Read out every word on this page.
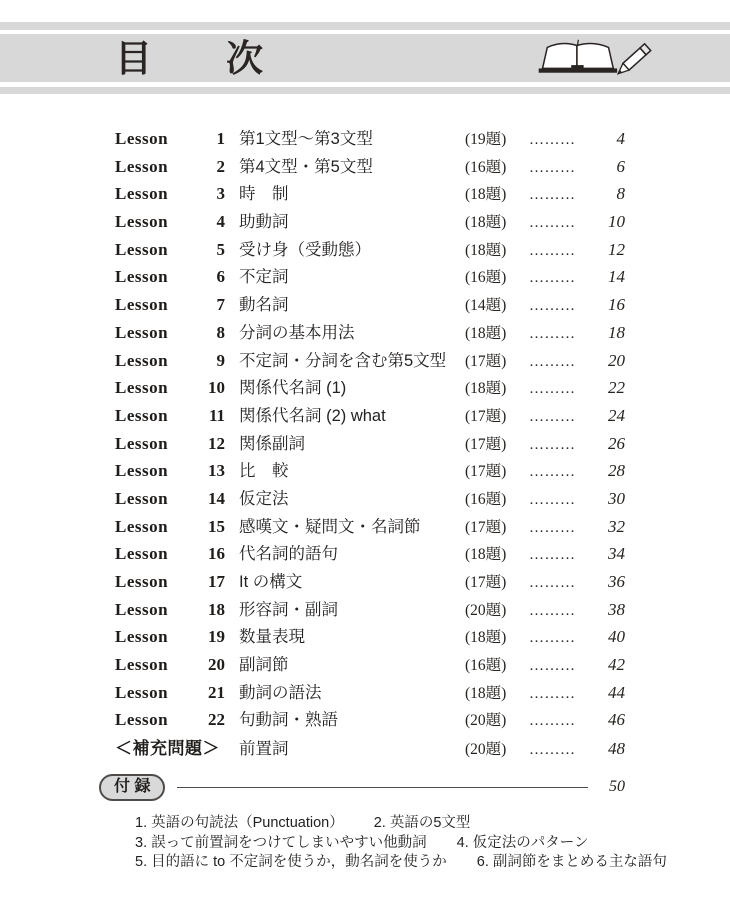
目　　次
Lesson	1 第1文型〜第3文型	(19題)	………	4
Lesson	2 第4文型・第5文型	(16題)	………	6
Lesson	3 時　制	(18題)	………	8
Lesson	4 助動詞	(18題)	………	10
Lesson	5 受け身（受動態）	(18題)	………	12
Lesson	6 不定詞	(16題)	………	14
Lesson	7 動名詞	(14題)	………	16
Lesson	8 分詞の基本用法	(18題)	………	18
Lesson	9 不定詞・分詞を含む第5文型	(17題)	………	20
Lesson 10 関係代名詞 (1)	(18題)	………	22
Lesson 11 関係代名詞 (2) what	(17題)	………	24
Lesson 12 関係副詞	(17題)	………	26
Lesson 13 比　較	(17題)	………	28
Lesson 14 仮定法	(16題)	………	30
Lesson 15 感嘆文・疑問文・名詞節	(17題)	………	32
Lesson 16 代名詞的語句	(18題)	………	34
Lesson 17 It の構文	(17題)	………	36
Lesson 18 形容詞・副詞	(20題)	………	38
Lesson 19 数量表現	(18題)	………	40
Lesson 20 副詞節	(16題)	………	42
Lesson 21 動詞の語法	(18題)	………	44
Lesson 22 句動詞・熟語	(20題)	………	46
＜補充問題＞ 前置詞	(20題)	………	48
付 録	50
1. 英語の句読法（Punctuation） 2. 英語の5文型
3. 誤って前置詞をつけてしまいやすい他動詞 4. 仮定法のパターン
5. 目的語に to 不定詞を使うか，動名詞を使うか 6. 副詞節をまとめる主な語句
